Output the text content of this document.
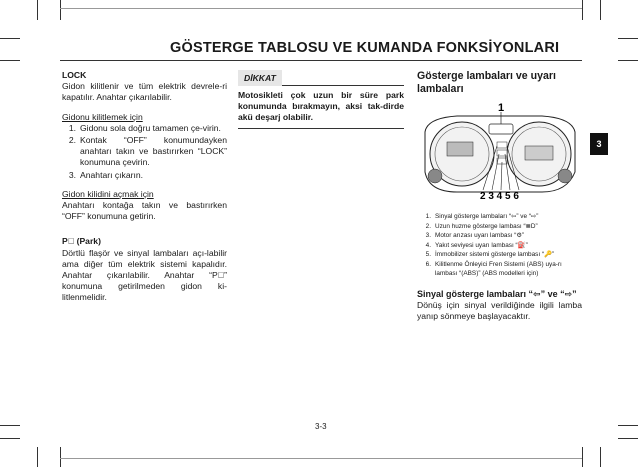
GÖSTERGE TABLOSU VE KUMANDA FONKSİYONLARI
LOCK
Gidon kilitlenir ve tüm elektrik devrele-ri kapatılır. Anahtar çıkarılabilir.
Gidonu kilitlemek için
1. Gidonu sola doğru tamamen çe-virin.
2. Kontak “OFF” konumundayken anahtarı takın ve bastırırken “LOCK” konumuna çevirin.
3. Anahtarı çıkarın.
Gidon kilidini açmak için
Anahtarı kontağa takın ve bastırırken “OFF” konumuna getirin.
P⃪ (Park)
Dörtlü flaşör ve sinyal lambaları açı-labilir ama diğer tüm elektrik sistemi kapalıdır. Anahtar çıkarılabilir. Anahtar “P⃪” konumuna getirilmeden gidon ki-litlenmelidir.
DİKKAT
Motosikleti çok uzun bir süre park konumunda bırakmayın, aksi tak-dirde akü deşarj olabilir.
Gösterge lambaları ve uyarı lambaları
1
2 3 4 5 6
1. Sinyal gösterge lambaları “⇦” ve “⇨”
2. Uzun huzme gösterge lambası “≣D”
3. Motor arızası uyarı lambası “⚙”
4. Yakıt seviyesi uyarı lambası “⛽”
5. İmmobilizer sistemi gösterge lambası “🔑”
6. Kilitlenme Önleyici Fren Sistemi (ABS) uya-rı lambası “(ABS)” (ABS modelleri için)
Sinyal gösterge lambaları “⇦” ve “⇨”
Dönüş için sinyal verildiğinde ilgili lamba yanıp sönmeye başlayacaktır.
3
3-3
